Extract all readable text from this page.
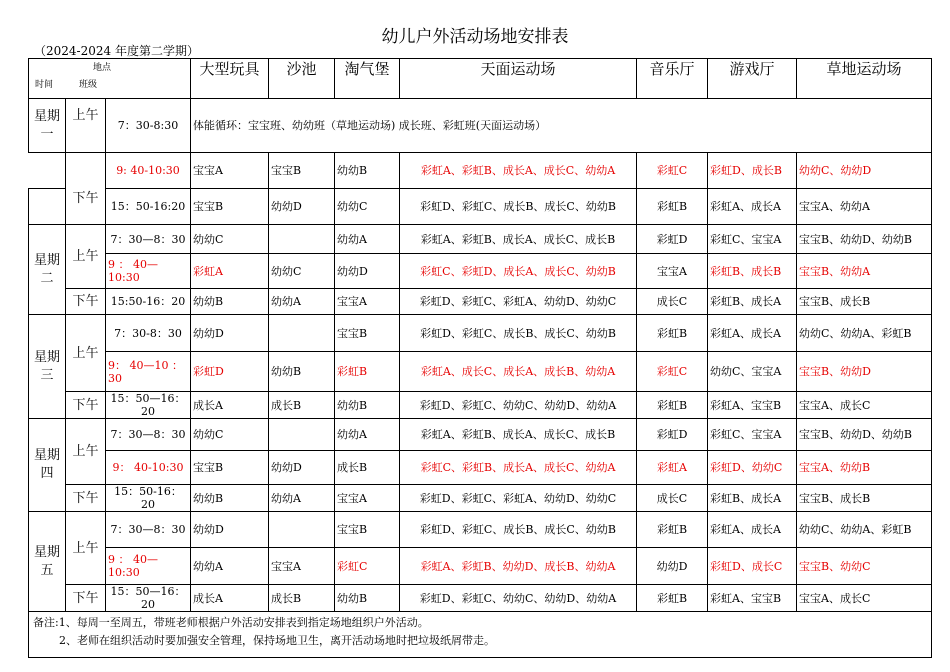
幼儿户外活动场地安排表
（2024-2024 年度第二学期）
地点
时间 班级			大型玩具	沙池	淘气堡	天面运动场	音乐厅	游戏厅	草地运动场
星期一	上午	7：30-8:30	体能循环：宝宝班、幼幼班（草地运动场) 成长班、彩虹班(天面运动场）						
	下午	9: 40-10:30	宝宝A	宝宝B	幼幼B	彩虹A、彩虹B、成长A、成长C、幼幼A	彩虹C	彩虹D、成长B	幼幼C、幼幼D
		15：50-16:20	宝宝B	幼幼D	幼幼C	彩虹D、彩虹C、成长B、成长C、幼幼B	彩虹B	彩虹A、成长A	宝宝A、幼幼A
星期二	上午	7：30—8：30	幼幼C		幼幼A	彩虹A、彩虹B、成长A、成长C、成长B	彩虹D	彩虹C、宝宝A	宝宝B、幼幼D、幼幼B
		9 ： 40—10:30	彩虹A	幼幼C	幼幼D	彩虹C、彩虹D、成长A、成长C、幼幼B	宝宝A	彩虹B、成长B	宝宝B、幼幼A
	下午	15:50-16：20	幼幼B	幼幼A	宝宝A	彩虹D、彩虹C、彩虹A、幼幼D、幼幼C	成长C	彩虹B、成长A	宝宝B、成长B
星期三	上午	7：30-8：30	幼幼D		宝宝B	彩虹D、彩虹C、成长B、成长C、幼幼B	彩虹B	彩虹A、成长A	幼幼C、幼幼A、彩虹B
		9： 40—10 ：30	彩虹D	幼幼B	彩虹B	彩虹A、成长C、成长A、成长B、幼幼A	彩虹C	幼幼C、宝宝A	宝宝B、幼幼D
	下午	15：50—16：20	成长A	成长B	幼幼B	彩虹D、彩虹C、幼幼C、幼幼D、幼幼A	彩虹B	彩虹A、宝宝B	宝宝A、成长C
星期四	上午	7：30—8：30	幼幼C		幼幼A	彩虹A、彩虹B、成长A、成长C、成长B	彩虹D	彩虹C、宝宝A	宝宝B、幼幼D、幼幼B
		9： 40-10:30	宝宝B	幼幼D	成长B	彩虹C、彩虹B、成长A、成长C、幼幼A	彩虹A	彩虹D、幼幼C	宝宝A、幼幼B
	下午	15：50-16：20	幼幼B	幼幼A	宝宝A	彩虹D、彩虹C、彩虹A、幼幼D、幼幼C	成长C	彩虹B、成长A	宝宝B、成长B
星期五	上午	7：30—8：30	幼幼D		宝宝B	彩虹D、彩虹C、成长B、成长C、幼幼B	彩虹B	彩虹A、成长A	幼幼C、幼幼A、彩虹B
		9 ： 40—10:30	幼幼A	宝宝A	彩虹C	彩虹A、彩虹B、幼幼D、成长B、幼幼A	幼幼D	彩虹D、成长C	宝宝B、幼幼C
	下午	15：50—16：20	成长A	成长B	幼幼B	彩虹D、彩虹C、幼幼C、幼幼D、幼幼A	彩虹B	彩虹A、宝宝B	宝宝A、成长C

备注:1、每周一至周五，带班老师根据户外活动安排表到指定场地组织户外活动。
2、老师在组织活动时要加强安全管理，保持场地卫生，离开活动场地时把垃圾纸屑带走。									
